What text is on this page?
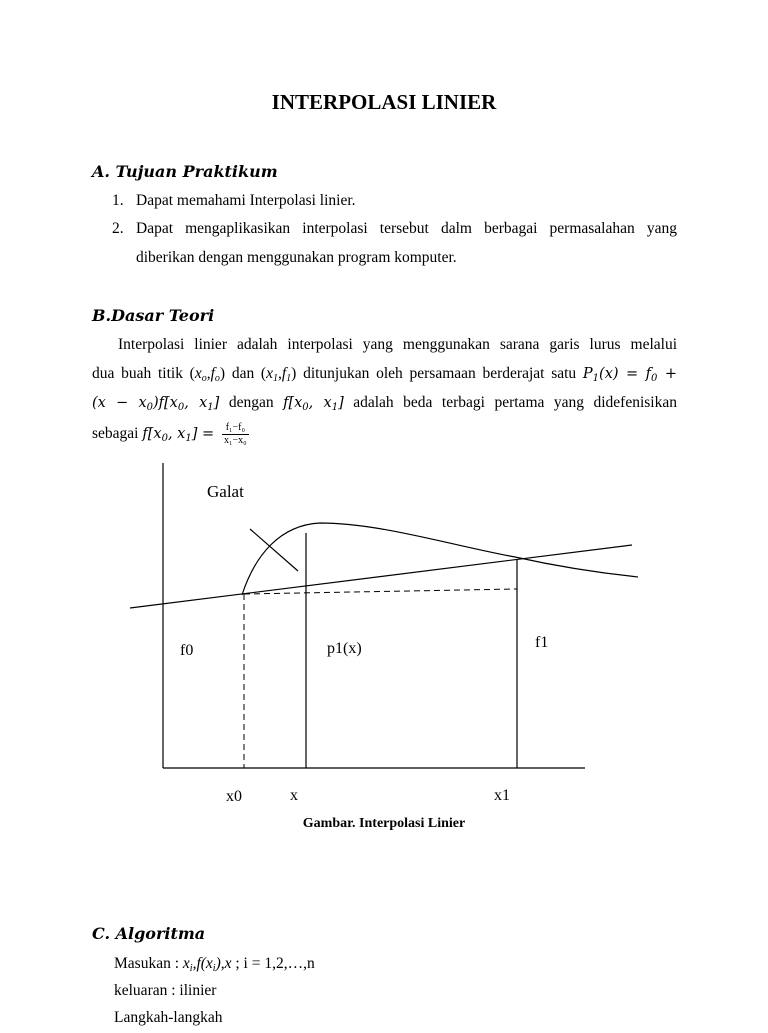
INTERPOLASI LINIER
A. Tujuan Praktikum
1. Dapat memahami Interpolasi linier.
2. Dapat mengaplikasikan interpolasi tersebut dalm berbagai permasalahan yang
diberikan dengan menggunakan program komputer.
B.Dasar Teori
Interpolasi linier adalah interpolasi yang menggunakan sarana garis lurus melalui
dua buah titik $(x_o,f_o)$ dan $(x_1,f_1)$ ditunjukan oleh persamaan berderajat satu $P_1(x) = f_0$ +
$(x - x_0)f[x_0$, $x_1$] dengan $f[x_0$, $x_1$] adalah beda terbagi pertama yang didefenisikan
sebagai $f[x_0$, $x_1] = \frac{\text{f₁−f₀}}{\text{x₁−x₀}}$
Galat
f0	p1(x)	f1
x0	x	x1
Gambar. Interpolasi Linier
C. Algoritma
Masukan : $x_i,f(x_i),x$ ; i = 1,2,…,n
keluaran : ilinier
Langkah-langkah
